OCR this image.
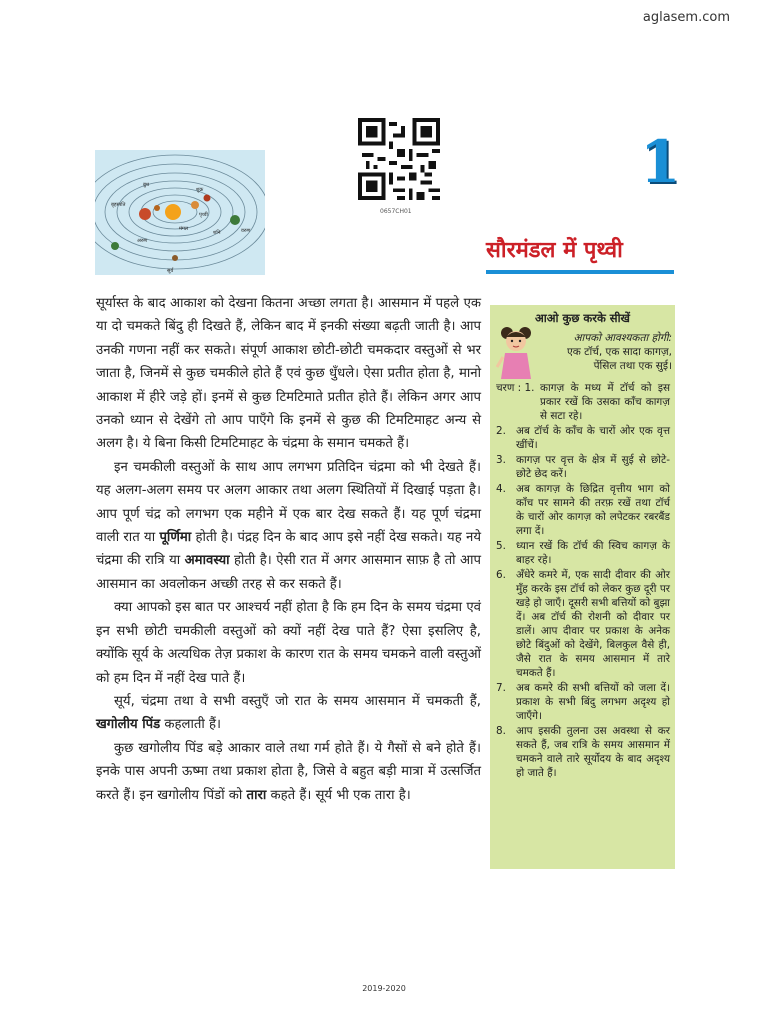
aglasem.com
बुध
शुक्र
पृथ्वी
मंगल
बृहस्पति
शनि
अरुण
वरुण
सूर्य
0657CH01
1
सौरमंडल में पृथ्वी

सूर्यास्त के बाद आकाश को देखना कितना अच्छा लगता है। आसमान में पहले एक या दो चमकते बिंदु ही दिखते हैं, लेकिन बाद में इनकी संख्या बढ़ती जाती है। आप उनकी गणना नहीं कर सकते। संपूर्ण आकाश छोटी-छोटी चमकदार वस्तुओं से भर जाता है, जिनमें से कुछ चमकीले होते हैं एवं कुछ धुँधले। ऐसा प्रतीत होता है, मानो आकाश में हीरे जड़े हों। इनमें से कुछ टिमटिमाते प्रतीत होते हैं। लेकिन अगर आप उनको ध्यान से देखेंगे तो आप पाएँगे कि इनमें से कुछ की टिमटिमाहट अन्य से अलग है। ये बिना किसी टिमटिमाहट के चंद्रमा के समान चमकते हैं।

इन चमकीली वस्तुओं के साथ आप लगभग प्रतिदिन चंद्रमा को भी देखते हैं। यह अलग-अलग समय पर अलग आकार तथा अलग स्थितियों में दिखाई पड़ता है। आप पूर्ण चंद्र को लगभग एक महीने में एक बार देख सकते हैं। यह पूर्ण चंद्रमा वाली रात या पूर्णिमा होती है। पंद्रह दिन के बाद आप इसे नहीं देख सकते। यह नये चंद्रमा की रात्रि या अमावस्या होती है। ऐसी रात में अगर आसमान साफ़ है तो आप आसमान का अवलोकन अच्छी तरह से कर सकते हैं।

क्या आपको इस बात पर आश्चर्य नहीं होता है कि हम दिन के समय चंद्रमा एवं इन सभी छोटी चमकीली वस्तुओं को क्यों नहीं देख पाते हैं? ऐसा इसलिए है, क्योंकि सूर्य के अत्यधिक तेज़ प्रकाश के कारण रात के समय चमकने वाली वस्तुओं को हम दिन में नहीं देख पाते हैं।

सूर्य, चंद्रमा तथा वे सभी वस्तुएँ जो रात के समय आसमान में चमकती हैं, खगोलीय पिंड कहलाती हैं।

कुछ खगोलीय पिंड बड़े आकार वाले तथा गर्म होते हैं। ये गैसों से बने होते हैं। इनके पास अपनी ऊष्मा तथा प्रकाश होता है, जिसे वे बहुत बड़ी मात्रा में उत्सर्जित करते हैं। इन खगोलीय पिंडों को तारा कहते हैं। सूर्य भी एक तारा है।

आओ कुछ करके सीखें
आपको आवश्यकता होगी:
एक टॉर्च, एक सादा कागज़, पेंसिल तथा एक सुई।
चरण : 1. कागज़ के मध्य में टॉर्च को इस प्रकार रखें कि उसका काँच कागज़ से सटा रहे।
2. अब टॉर्च के काँच के चारों ओर एक वृत्त खींचें।
3. कागज़ पर वृत्त के क्षेत्र में सुई से छोटे-छोटे छेद करें।
4. अब कागज़ के छिद्रित वृत्तीय भाग को काँच पर सामने की तरफ़ रखें तथा टॉर्च के चारों ओर कागज़ को लपेटकर रबरबैंड लगा दें।
5. ध्यान रखें कि टॉर्च की स्विच कागज़ के बाहर रहे।
6. अँधेरे कमरे में, एक सादी दीवार की ओर मुँह करके इस टॉर्च को लेकर कुछ दूरी पर खड़े हो जाएँ। दूसरी सभी बत्तियों को बुझा दें। अब टॉर्च की रोशनी को दीवार पर डालें। आप दीवार पर प्रकाश के अनेक छोटे बिंदुओं को देखेंगे, बिलकुल वैसे ही, जैसे रात के समय आसमान में तारे चमकते हैं।
7. अब कमरे की सभी बत्तियों को जला दें। प्रकाश के सभी बिंदु लगभग अदृश्य हो जाएँगे।
8. आप इसकी तुलना उस अवस्था से कर सकते हैं, जब रात्रि के समय आसमान में चमकने वाले तारे सूर्योदय के बाद अदृश्य हो जाते हैं।
2019-2020
